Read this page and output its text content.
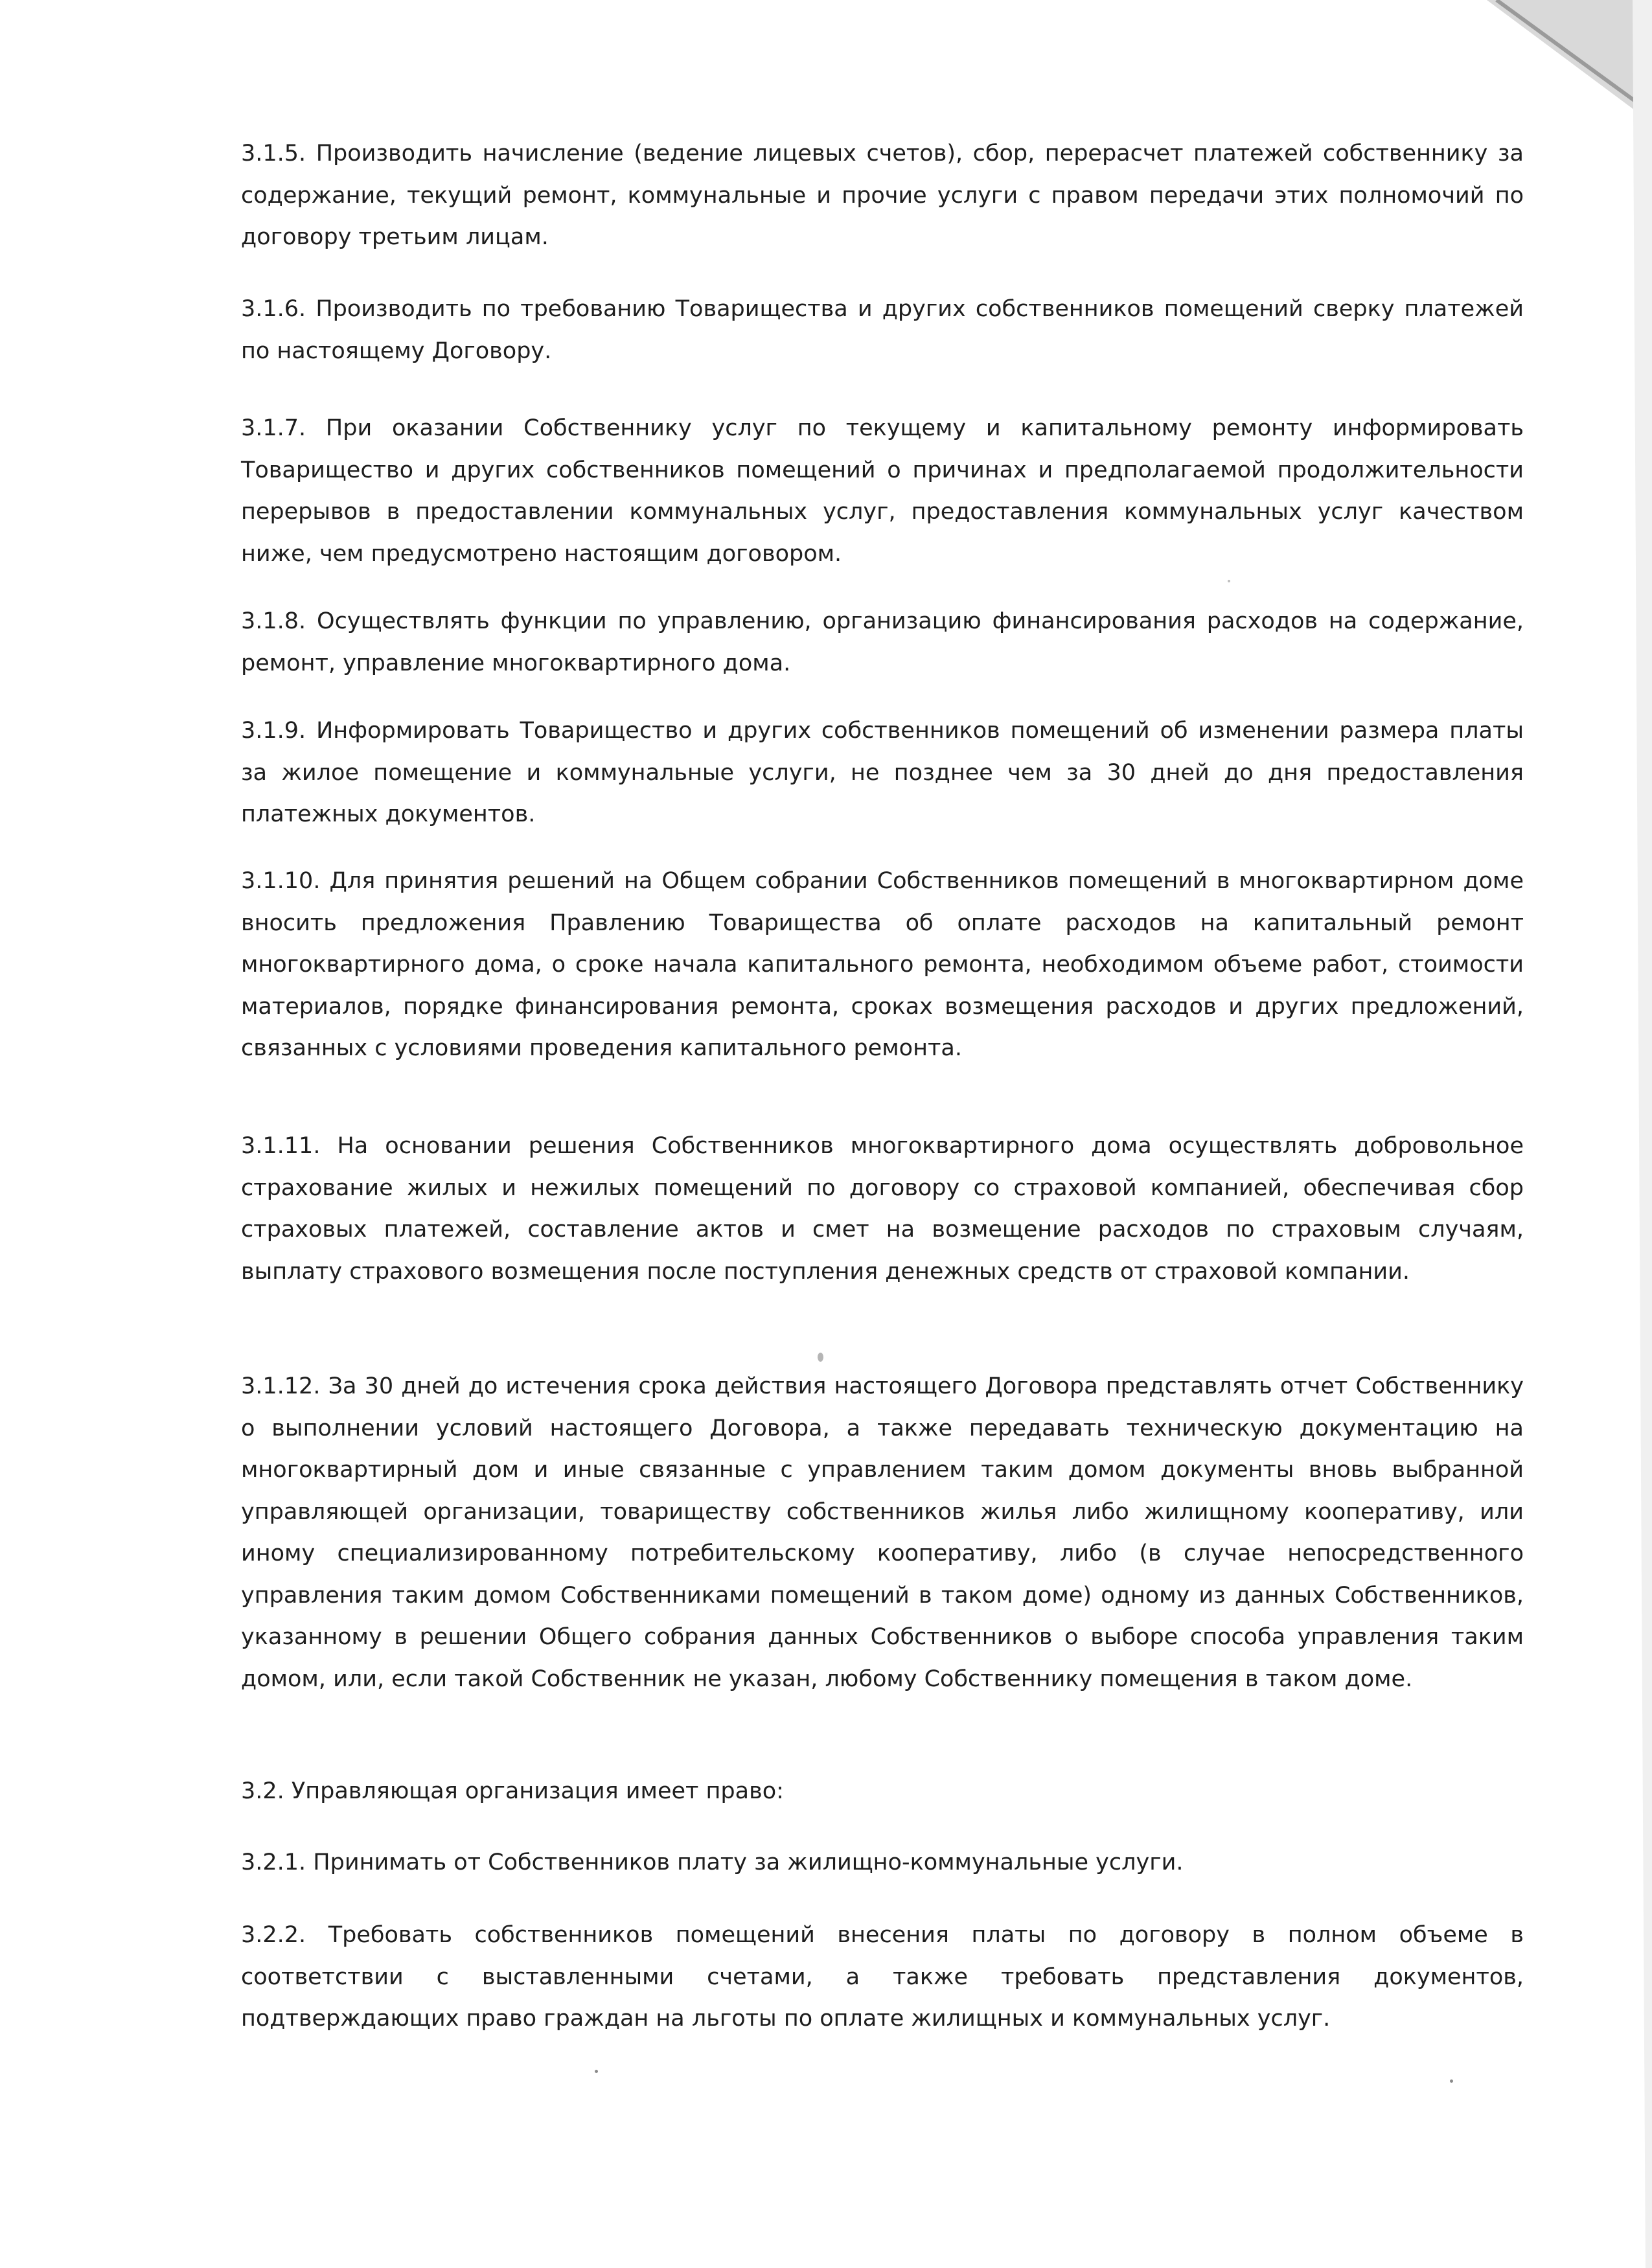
3.1.5. Производить начисление (ведение лицевых счетов), сбор, перерасчет платежей собственнику за содержание, текущий ремонт, коммунальные и прочие услуги с правом передачи этих полномочий по договору третьим лицам.

3.1.6. Производить по требованию Товарищества и других собственников помещений сверку платежей по настоящему Договору.

3.1.7. При оказании Собственнику услуг по текущему и капитальному ремонту информировать Товарищество и других собственников помещений о причинах и предполагаемой продолжительности перерывов в предоставлении коммунальных услуг, предоставления коммунальных услуг качеством ниже, чем предусмотрено настоящим договором.

3.1.8. Осуществлять функции по управлению, организацию финансирования расходов на содержание, ремонт, управление многоквартирного дома.

3.1.9. Информировать Товарищество и других собственников помещений об изменении размера платы за жилое помещение и коммунальные услуги, не позднее чем за 30 дней до дня предоставления платежных документов.

3.1.10. Для принятия решений на Общем собрании Собственников помещений в многоквартирном доме вносить предложения Правлению Товарищества об оплате расходов на капитальный ремонт многоквартирного дома, о сроке начала капитального ремонта, необходимом объеме работ, стоимости материалов, порядке финансирования ремонта, сроках возмещения расходов и других предложений, связанных с условиями проведения капитального ремонта.

3.1.11. На основании решения Собственников многоквартирного дома осуществлять добровольное страхование жилых и нежилых помещений по договору со страховой компанией, обеспечивая сбор страховых платежей, составление актов и смет на возмещение расходов по страховым случаям, выплату страхового возмещения после поступления денежных средств от страховой компании.

3.1.12. За 30 дней до истечения срока действия настоящего Договора представлять отчет Собственнику о выполнении условий настоящего Договора, а также передавать техническую документацию на многоквартирный дом и иные связанные с управлением таким домом документы вновь выбранной управляющей организации, товариществу собственников жилья либо жилищному кооперативу, или иному специализированному потребительскому кооперативу, либо (в случае непосредственного управления таким домом Собственниками помещений в таком доме) одному из данных Собственников, указанному в решении Общего собрания данных Собственников о выборе способа управления таким домом, или, если такой Собственник не указан, любому Собственнику помещения в таком доме.

3.2. Управляющая организация имеет право:

3.2.1. Принимать от Собственников плату за жилищно-коммунальные услуги.

3.2.2. Требовать собственников помещений внесения платы по договору в полном объеме в соответствии с выставленными счетами, а также требовать представления документов, подтверждающих право граждан на льготы по оплате жилищных и коммунальных услуг.
